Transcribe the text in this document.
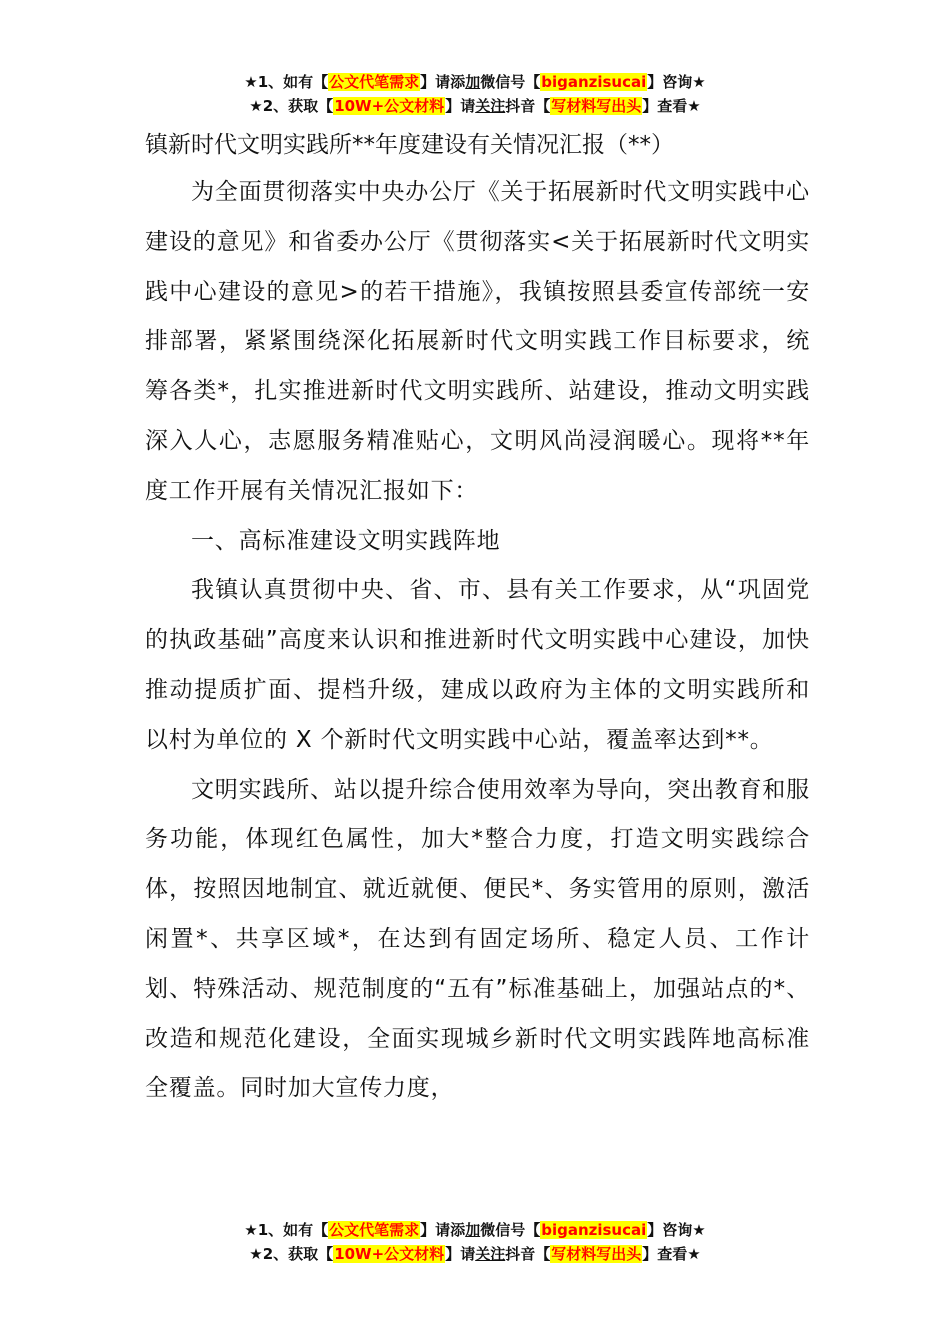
★1、如有【公文代笔需求】请添加微信号【biganzisucai】咨询★
★2、获取【10W+公文材料】请关注抖音【写材料写出头】查看★

镇新时代文明实践所**年度建设有关情况汇报（**）

为全面贯彻落实中央办公厅《关于拓展新时代文明实践中心建设的意见》和省委办公厅《贯彻落实<关于拓展新时代文明实践中心建设的意见>的若干措施》，我镇按照县委宣传部统一安排部署，紧紧围绕深化拓展新时代文明实践工作目标要求，统筹各类*，扎实推进新时代文明实践所、站建设，推动文明实践深入人心，志愿服务精准贴心，文明风尚浸润暖心。现将**年度工作开展有关情况汇报如下：

一、高标准建设文明实践阵地

我镇认真贯彻中央、省、市、县有关工作要求，从“巩固党的执政基础”高度来认识和推进新时代文明实践中心建设，加快推动提质扩面、提档升级，建成以政府为主体的文明实践所和以村为单位的 X 个新时代文明实践中心站，覆盖率达到**。

文明实践所、站以提升综合使用效率为导向，突出教育和服务功能，体现红色属性，加大*整合力度，打造文明实践综合体，按照因地制宜、就近就便、便民*、务实管用的原则，激活闲置*、共享区域*，在达到有固定场所、稳定人员、工作计划、特殊活动、规范制度的“五有”标准基础上，加强站点的*、改造和规范化建设，全面实现城乡新时代文明实践阵地高标准全覆盖。同时加大宣传力度，

★1、如有【公文代笔需求】请添加微信号【biganzisucai】咨询★
★2、获取【10W+公文材料】请关注抖音【写材料写出头】查看★
